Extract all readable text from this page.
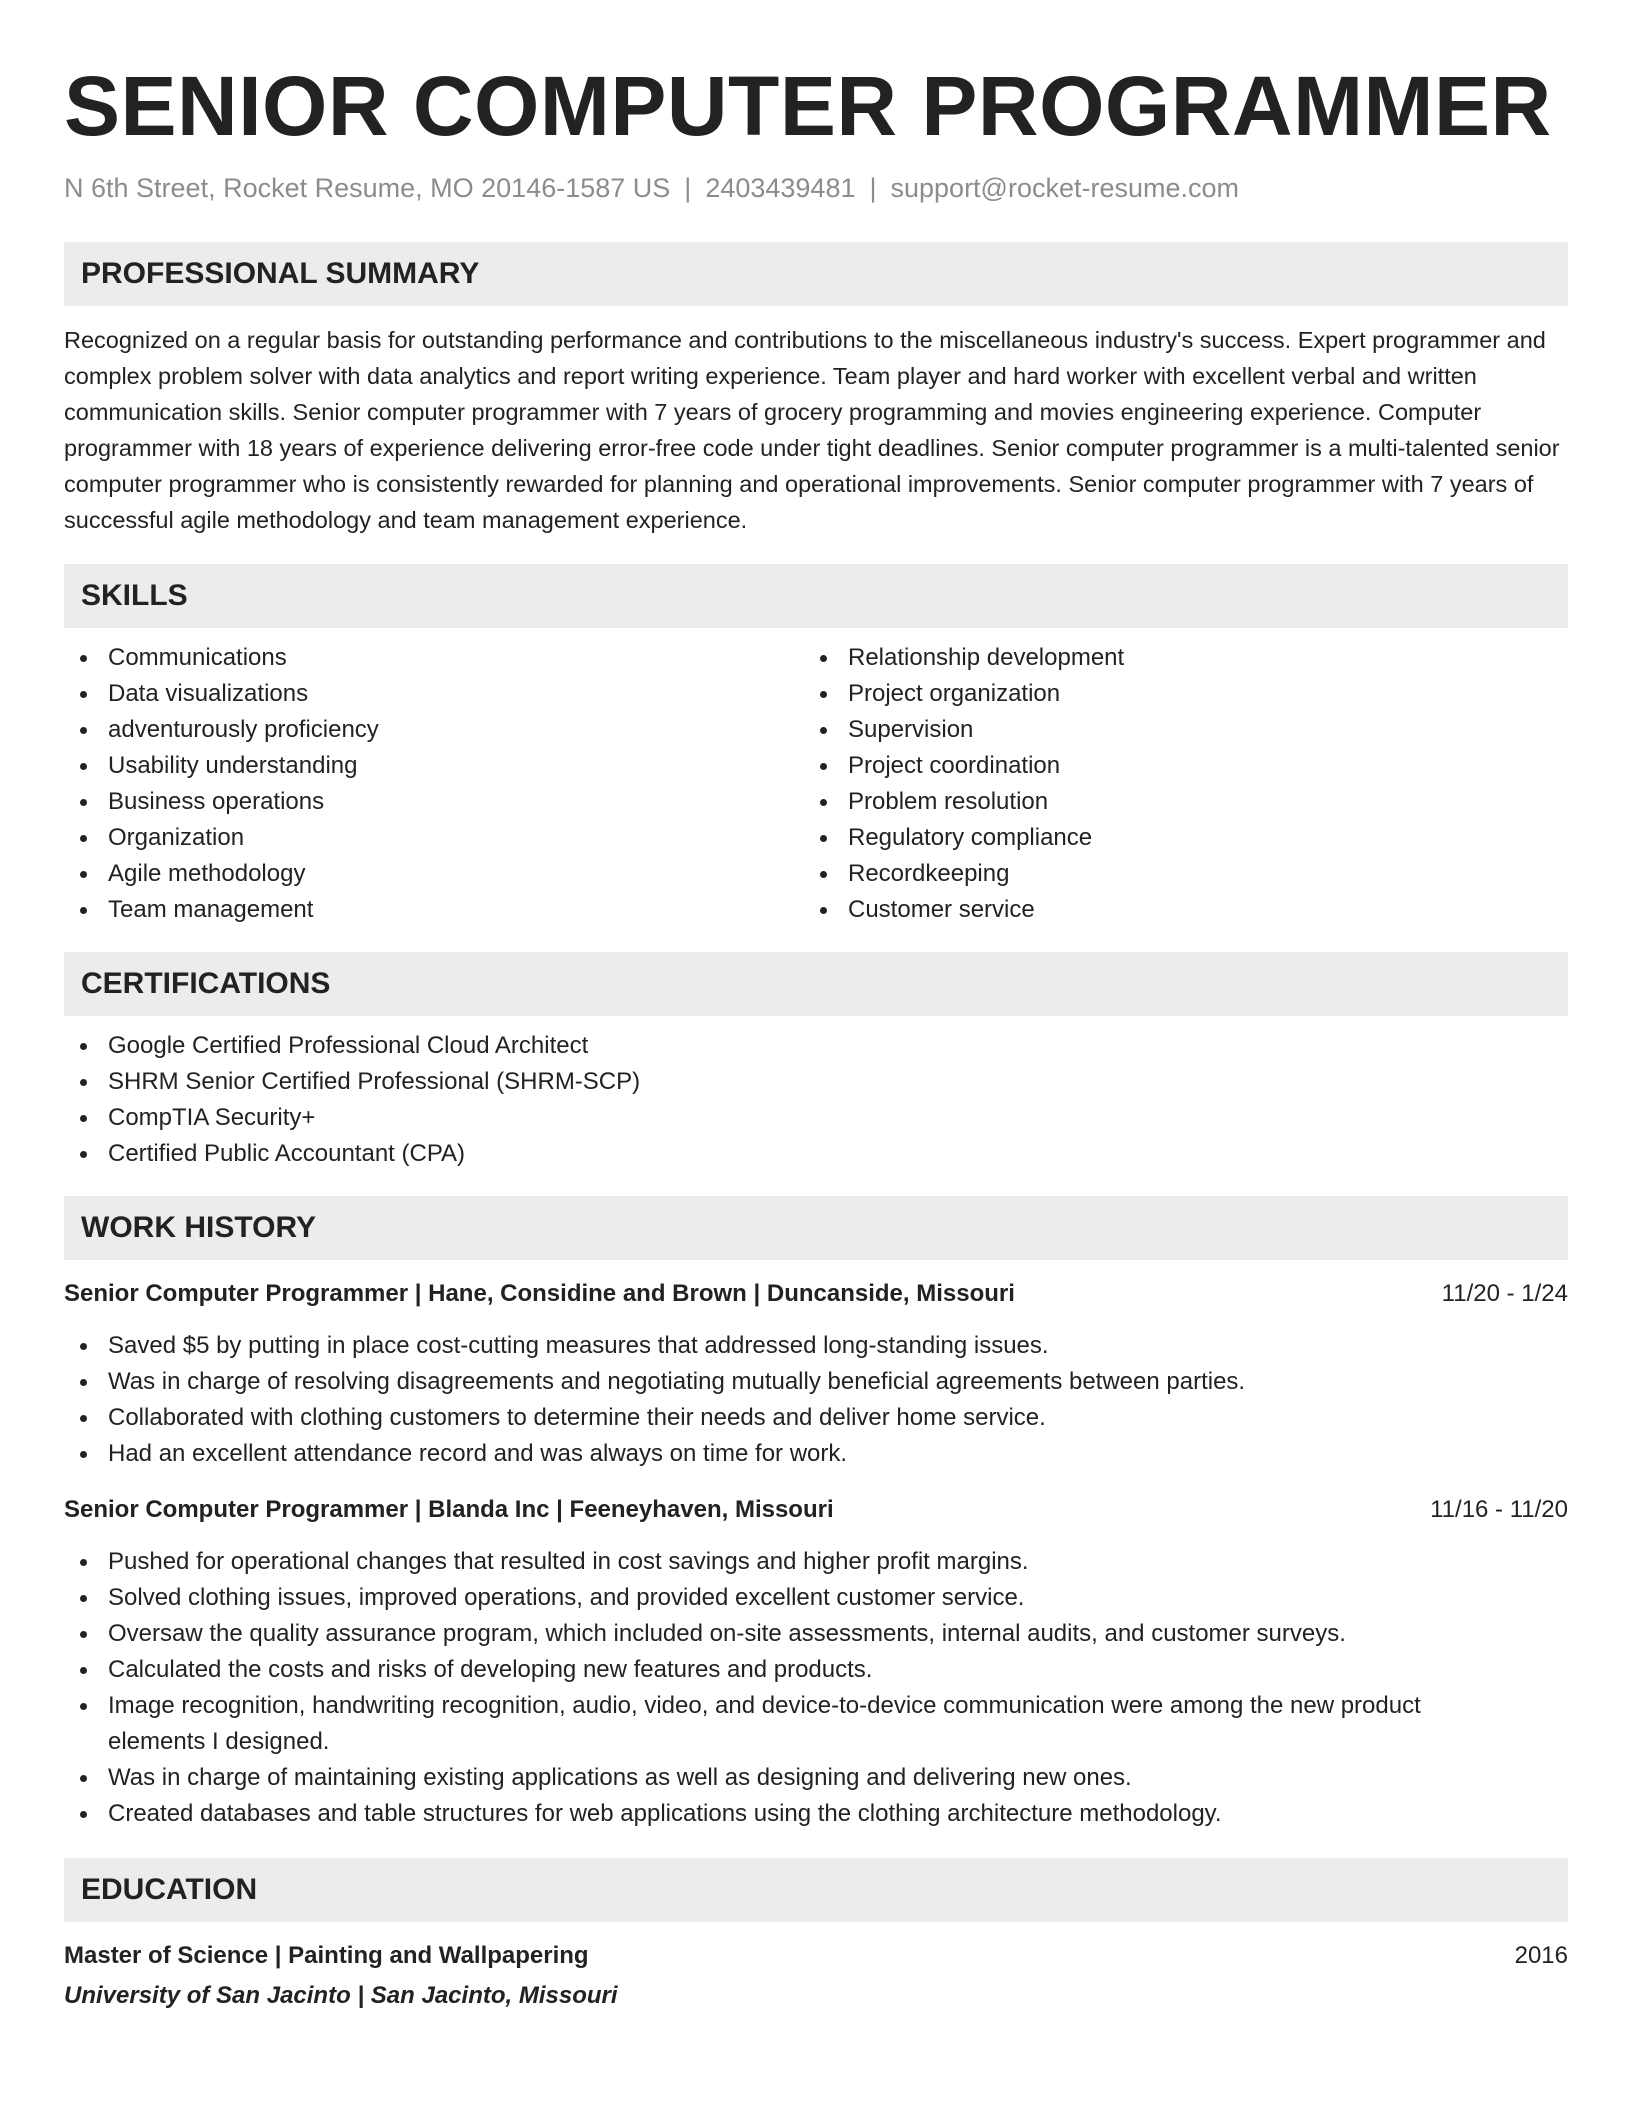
SENIOR COMPUTER PROGRAMMER
N 6th Street, Rocket Resume, MO 20146-1587 US | 2403439481 | support@rocket-resume.com
PROFESSIONAL SUMMARY

Recognized on a regular basis for outstanding performance and contributions to the miscellaneous industry's success. Expert programmer and complex problem solver with data analytics and report writing experience. Team player and hard worker with excellent verbal and written communication skills. Senior computer programmer with 7 years of grocery programming and movies engineering experience. Computer programmer with 18 years of experience delivering error-free code under tight deadlines. Senior computer programmer is a multi-talented senior computer programmer who is consistently rewarded for planning and operational improvements. Senior computer programmer with 7 years of successful agile methodology and team management experience.

SKILLS
Communications
Data visualizations
adventurously proficiency
Usability understanding
Business operations
Organization
Agile methodology
Team management
Relationship development
Project organization
Supervision
Project coordination
Problem resolution
Regulatory compliance
Recordkeeping
Customer service
CERTIFICATIONS
Google Certified Professional Cloud Architect
SHRM Senior Certified Professional (SHRM-SCP)
CompTIA Security+
Certified Public Accountant (CPA)
WORK HISTORY
Senior Computer Programmer | Hane, Considine and Brown | Duncanside, Missouri	11/20 - 1/24
Saved $5 by putting in place cost-cutting measures that addressed long-standing issues.
Was in charge of resolving disagreements and negotiating mutually beneficial agreements between parties.
Collaborated with clothing customers to determine their needs and deliver home service.
Had an excellent attendance record and was always on time for work.
Senior Computer Programmer | Blanda Inc | Feeneyhaven, Missouri	11/16 - 11/20
Pushed for operational changes that resulted in cost savings and higher profit margins.
Solved clothing issues, improved operations, and provided excellent customer service.
Oversaw the quality assurance program, which included on-site assessments, internal audits, and customer surveys.
Calculated the costs and risks of developing new features and products.
Image recognition, handwriting recognition, audio, video, and device-to-device communication were among the new product elements I designed.
Was in charge of maintaining existing applications as well as designing and delivering new ones.
Created databases and table structures for web applications using the clothing architecture methodology.
EDUCATION
Master of Science | Painting and Wallpapering	2016
University of San Jacinto | San Jacinto, Missouri
